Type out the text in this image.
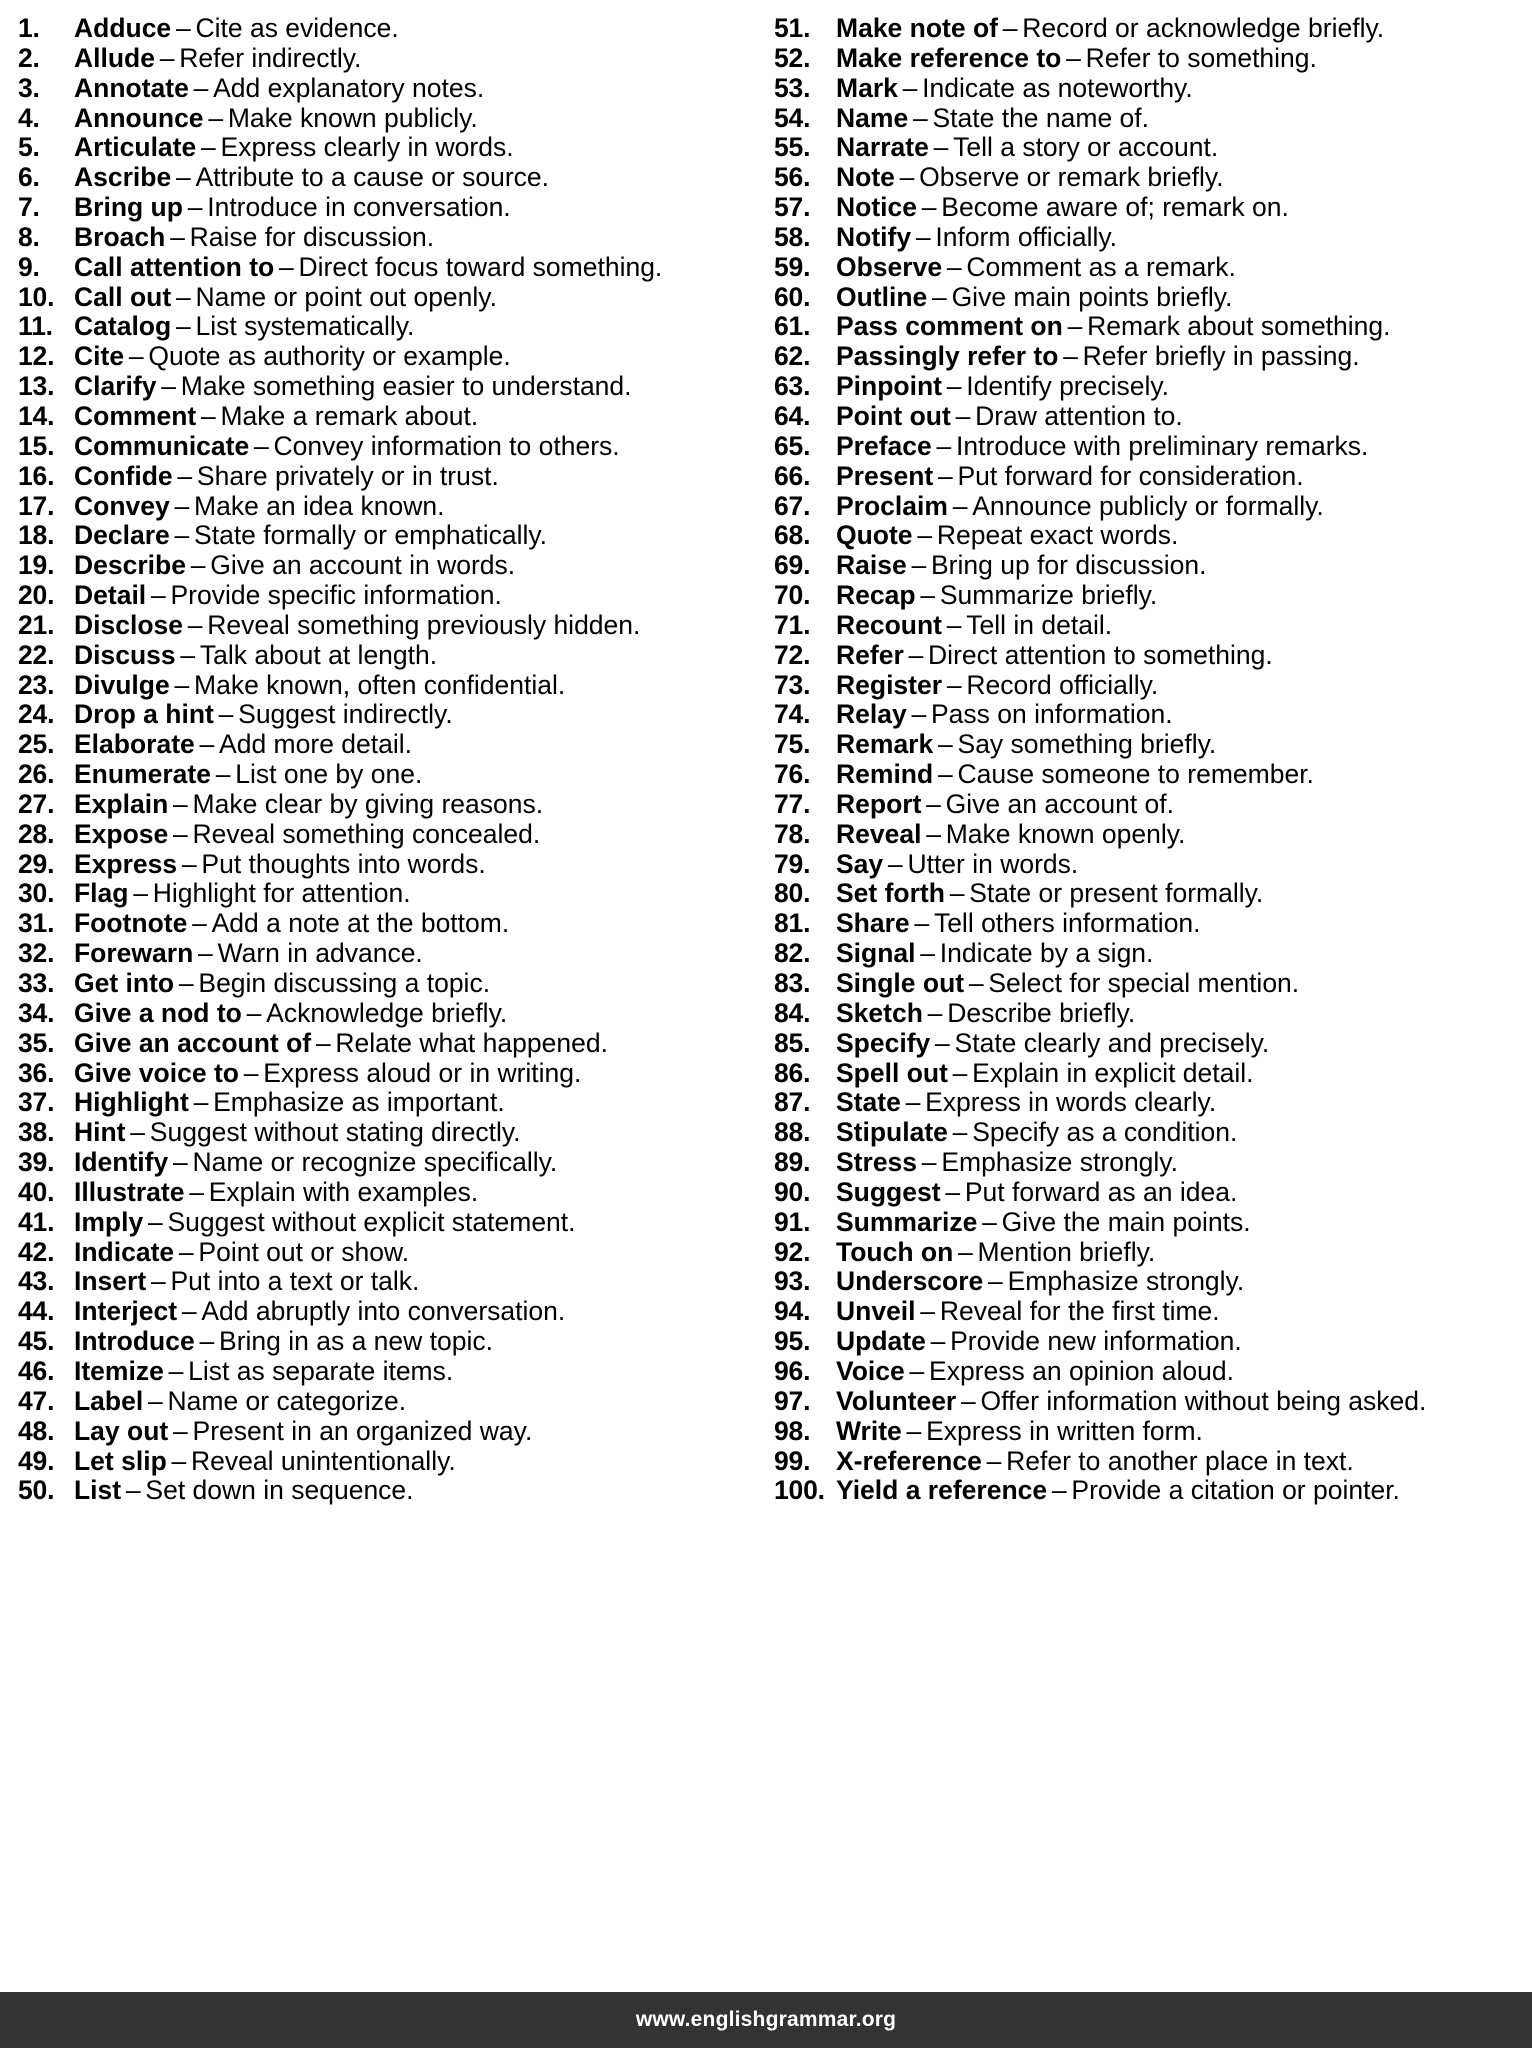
1.	Adduce – Cite as evidence.
2.	Allude – Refer indirectly.
3.	Annotate – Add explanatory notes.
4.	Announce – Make known publicly.
5.	Articulate – Express clearly in words.
6.	Ascribe – Attribute to a cause or source.
7.	Bring up – Introduce in conversation.
8.	Broach – Raise for discussion.
9.	Call attention to – Direct focus toward something.
10. Call out – Name or point out openly.
11. Catalog – List systematically.
12. Cite – Quote as authority or example.
13. Clarify – Make something easier to understand.
14. Comment – Make a remark about.
15. Communicate – Convey information to others.
16. Confide – Share privately or in trust.
17. Convey – Make an idea known.
18. Declare – State formally or emphatically.
19. Describe – Give an account in words.
20. Detail – Provide specific information.
21. Disclose – Reveal something previously hidden.
22. Discuss – Talk about at length.
23. Divulge – Make known, often confidential.
24. Drop a hint – Suggest indirectly.
25. Elaborate – Add more detail.
26. Enumerate – List one by one.
27. Explain – Make clear by giving reasons.
28. Expose – Reveal something concealed.
29. Express – Put thoughts into words.
30. Flag – Highlight for attention.
31. Footnote – Add a note at the bottom.
32. Forewarn – Warn in advance.
33. Get into – Begin discussing a topic.
34. Give a nod to – Acknowledge briefly.
35. Give an account of – Relate what happened.
36. Give voice to – Express aloud or in writing.
37. Highlight – Emphasize as important.
38. Hint – Suggest without stating directly.
39. Identify – Name or recognize specifically.
40. Illustrate – Explain with examples.
41. Imply – Suggest without explicit statement.
42. Indicate – Point out or show.
43. Insert – Put into a text or talk.
44. Interject – Add abruptly into conversation.
45. Introduce – Bring in as a new topic.
46. Itemize – List as separate items.
47. Label – Name or categorize.
48. Lay out – Present in an organized way.
49. Let slip – Reveal unintentionally.
50. List – Set down in sequence.
51. Make note of – Record or acknowledge briefly.
52. Make reference to – Refer to something.
53. Mark – Indicate as noteworthy.
54. Name – State the name of.
55. Narrate – Tell a story or account.
56. Note – Observe or remark briefly.
57. Notice – Become aware of; remark on.
58. Notify – Inform officially.
59. Observe – Comment as a remark.
60. Outline – Give main points briefly.
61. Pass comment on – Remark about something.
62. Passingly refer to – Refer briefly in passing.
63. Pinpoint – Identify precisely.
64. Point out – Draw attention to.
65. Preface – Introduce with preliminary remarks.
66. Present – Put forward for consideration.
67. Proclaim – Announce publicly or formally.
68. Quote – Repeat exact words.
69. Raise – Bring up for discussion.
70. Recap – Summarize briefly.
71. Recount – Tell in detail.
72. Refer – Direct attention to something.
73. Register – Record officially.
74. Relay – Pass on information.
75. Remark – Say something briefly.
76. Remind – Cause someone to remember.
77. Report – Give an account of.
78. Reveal – Make known openly.
79. Say – Utter in words.
80. Set forth – State or present formally.
81. Share – Tell others information.
82. Signal – Indicate by a sign.
83. Single out – Select for special mention.
84. Sketch – Describe briefly.
85. Specify – State clearly and precisely.
86. Spell out – Explain in explicit detail.
87. State – Express in words clearly.
88. Stipulate – Specify as a condition.
89. Stress – Emphasize strongly.
90. Suggest – Put forward as an idea.
91. Summarize – Give the main points.
92. Touch on – Mention briefly.
93. Underscore – Emphasize strongly.
94. Unveil – Reveal for the first time.
95. Update – Provide new information.
96. Voice – Express an opinion aloud.
97. Volunteer – Offer information without being asked.
98. Write – Express in written form.
99. X-reference – Refer to another place in text.
100. Yield a reference – Provide a citation or pointer.
www.englishgrammar.org
